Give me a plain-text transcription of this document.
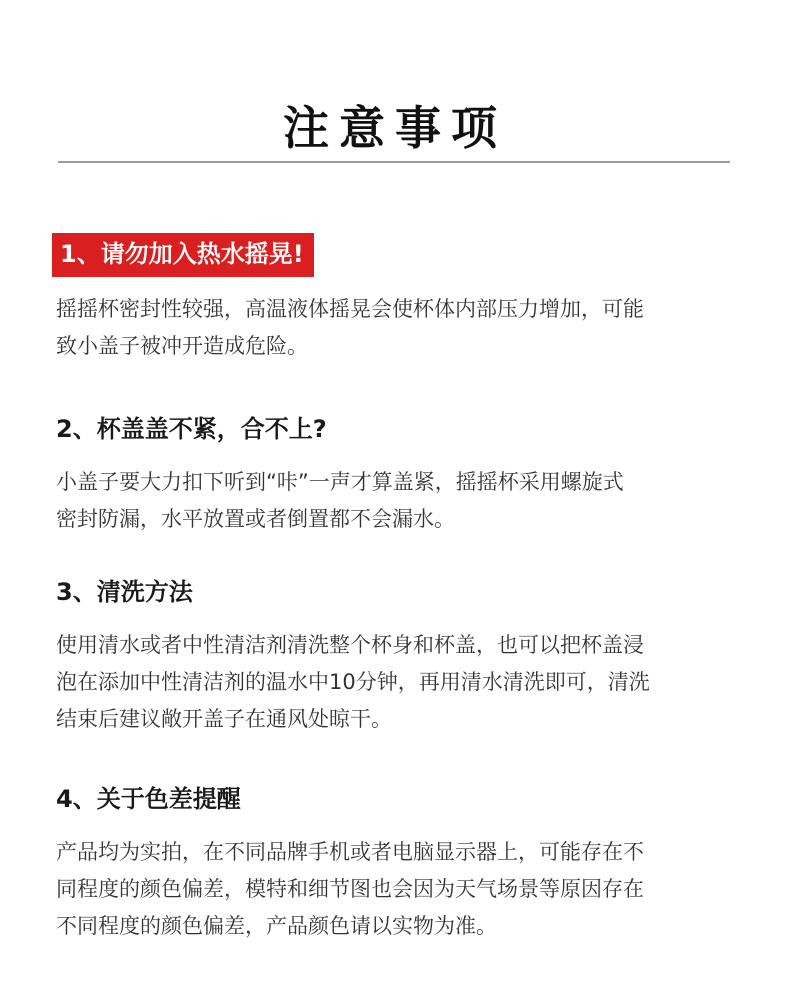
注意事项
1、请勿加入热水摇晃!
摇摇杯密封性较强，高温液体摇晃会使杯体内部压力增加，可能
致小盖子被冲开造成危险。
2、杯盖盖不紧，合不上?
小盖子要大力扣下听到“咔”一声才算盖紧，摇摇杯采用螺旋式
密封防漏，水平放置或者倒置都不会漏水。
3、清洗方法
使用清水或者中性清洁剂清洗整个杯身和杯盖，也可以把杯盖浸
泡在添加中性清洁剂的温水中10分钟，再用清水清洗即可，清洗
结束后建议敞开盖子在通风处晾干。
4、关于色差提醒
产品均为实拍，在不同品牌手机或者电脑显示器上，可能存在不
同程度的颜色偏差，模特和细节图也会因为天气场景等原因存在
不同程度的颜色偏差，产品颜色请以实物为准。
